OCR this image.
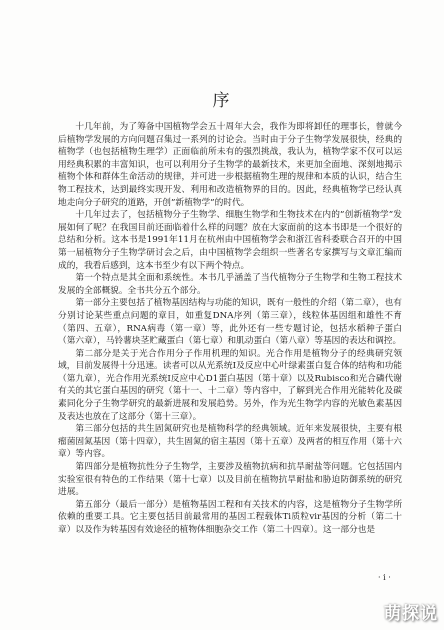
序

十几年前，为了筹备中国植物学会五十周年大会，我作为即将卸任的理事长，曾就今后植物学发展的方向问题召集过一系列的讨论会。当时由于分子生物学发展很快，经典的植物学（也包括植物生理学）正面临前所未有的强烈挑战，我认为，植物学家不仅可以运用经典积累的丰富知识，也可以利用分子生物学的最新技术，来更加全面地、深刻地揭示植物个体和群体生命活动的规律，并可进一步根据植物生理的规律和本质的认识，结合生物工程技术，达到最终实现开发、利用和改造植物界的目的。因此，经典植物学已经认真地走向分子研究的道路，开创”新植物学”的时代。

十几年过去了，包括植物分子生物学、细胞生物学和生物技术在内的”创新植物学”发展如何了呢？在我国目前还面临着什么样的问题？放在大家面前的这本书即是一个很好的总结和分析。这本书是1991年11月在杭州由中国植物学会和浙江省科委联合召开的中国第一届植物分子生物学研讨会之后，由中国植物学会组织一些著名专家撰写与文章汇编而成的，我看后感到，这本书至少有以下两个特点。

第一个特点是其全面和系统性。本书几乎涵盖了当代植物分子生物学和生物工程技术发展的全部概貌。全书共分五个部分。

第一部分主要包括了植物基因结构与功能的知识，既有一般性的介绍（第二章），也有分别讨论某些重点问题的章目，如重复DNA序列（第三章），线粒体基因组和雄性不育（第四、五章），RNA病毒（第一章）等，此外还有一些专题讨论，包括水稻种子蛋白（第六章），马铃薯块茎贮藏蛋白（第七章）和肌动蛋白（第八章）等基因的表达和调控。

第二部分是关于光合作用分子作用机理的知识。光合作用是植物分子的经典研究领域，目前发展得十分迅速。读者可以从光系统I及反应中心叶绿素蛋白复合体的结构和功能（第九章），光合作用光系统I反应中心D1蛋白基因（第十章）以及Rubisco和光合磷代谢有关的其它蛋白基因的研究（第十一、十二章）等内容中，了解到光合作用光能转化及碳素同化分子生物学研究的最新进展和发展趋势。另外，作为光生物学内容的光敏色素基因及表达也放在了这部分（第十三章）。

第三部分包括的共生固氮研究也是植物科学的经典领域。近年来发展很快，主要有根瘤菌固氮基因（第十四章），共生固氮的宿主基因（第十五章）及两者的相互作用（第十六章）等内容。

第四部分是植物抗性分子生物学，主要涉及植物抗病和抗旱耐盐等问题。它包括国内实验室很有特色的工作结果（第十七章）以及目前在植物抗旱耐盐和胁迫防御系统的研究进展。

第五部分（最后一部分）是植物基因工程和有关技术的内容，这是植物分子生物学所依赖的重要工具。它主要包括目前最常用的基因工程载体Ti质粒vir基因的分析（第二十章）以及作为转基因有效途径的植物体细胞杂交工作（第二十四章）。这一部分也是

· i ·
萌探说
